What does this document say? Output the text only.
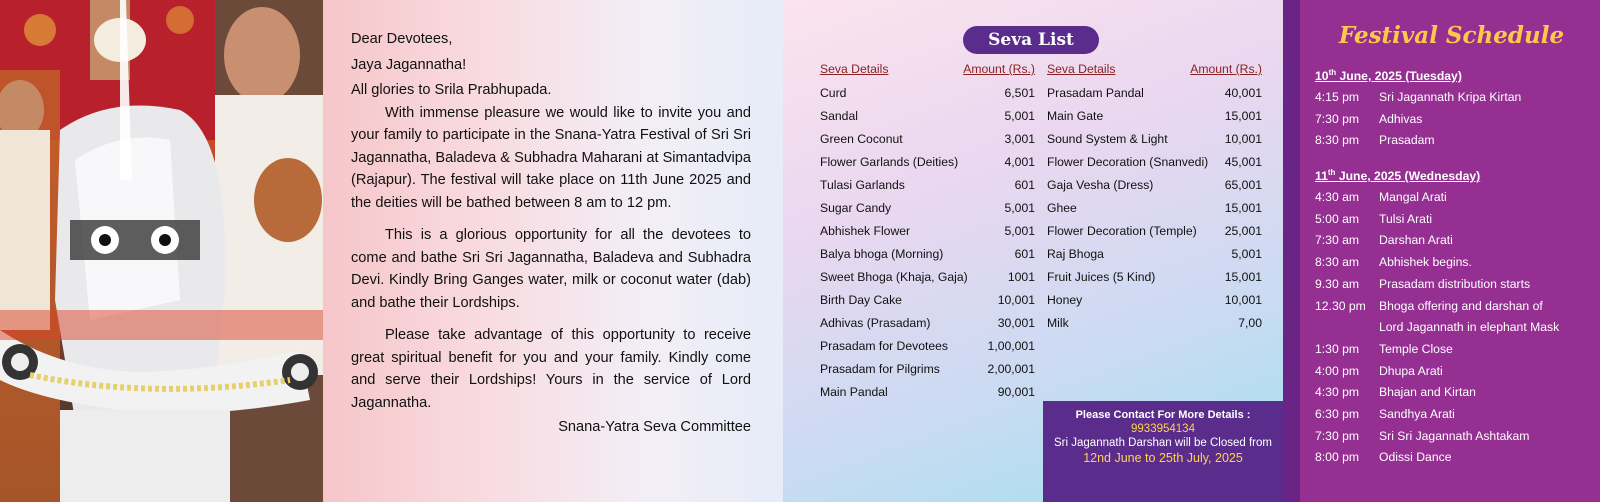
Dear Devotees,

Jaya Jagannatha!

All glories to Srila Prabhupada.

With immense pleasure we would like to invite you and your family to participate in the Snana-Yatra Festival of Sri Sri Jagannatha, Baladeva & Subhadra Maharani at Simantadvipa (Rajapur). The festival will take place on 11th June 2025 and the deities will be bathed between 8 am to 12 pm.

This is a glorious opportunity for all the devotees to come and bathe Sri Sri Jagannatha, Baladeva and Subhadra Devi. Kindly Bring Ganges water, milk or coconut water (dab) and bathe their Lordships.

Please take advantage of this opportunity to receive great spiritual benefit for you and your family. Kindly come and serve their Lordships! Yours in the service of Lord Jagannatha.

Snana-Yatra Seva Committee

Seva List
Seva Details	Amount (Rs.)
Curd	6,501
Sandal	5,001
Green Coconut	3,001
Flower Garlands (Deities)	4,001
Tulasi Garlands	601
Sugar Candy	5,001
Abhishek Flower	5,001
Balya bhoga (Morning)	601
Sweet Bhoga (Khaja, Gaja)	1001
Birth Day Cake	10,001
Adhivas (Prasadam)	30,001
Prasadam for Devotees	1,00,001
Prasadam for Pilgrims	2,00,001
Main Pandal	90,001
Seva Details	Amount (Rs.)
Prasadam Pandal	40,001
Main Gate	15,001
Sound System & Light	10,001
Flower Decoration (Snanvedi) 45,001
Gaja Vesha (Dress)	65,001
Ghee	15,001
Flower Decoration (Temple) 25,001
Raj Bhoga	5,001
Fruit Juices (5 Kind)	15,001
Honey	10,001
Milk	7,00
Please Contact For More Details :
9933954134
Sri Jagannath Darshan will be Closed from
12nd June to 25th July, 2025
Festival Schedule
10th June, 2025 (Tuesday)
4:15 pm Sri Jagannath Kripa Kirtan
7:30 pm Adhivas
8:30 pm Prasadam
11th June, 2025 (Wednesday)
4:30 am Mangal Arati
5:00 am Tulsi Arati
7:30 am Darshan Arati
8:30 am Abhishek begins.
9.30 am Prasadam distribution starts
12.30 pm Bhoga offering and darshan of
Lord Jagannath in elephant Mask
1:30 pm Temple Close
4:00 pm Dhupa Arati
4:30 pm Bhajan and Kirtan
6:30 pm Sandhya Arati
7:30 pm Sri Sri Jagannath Ashtakam
8:00 pm Odissi Dance
